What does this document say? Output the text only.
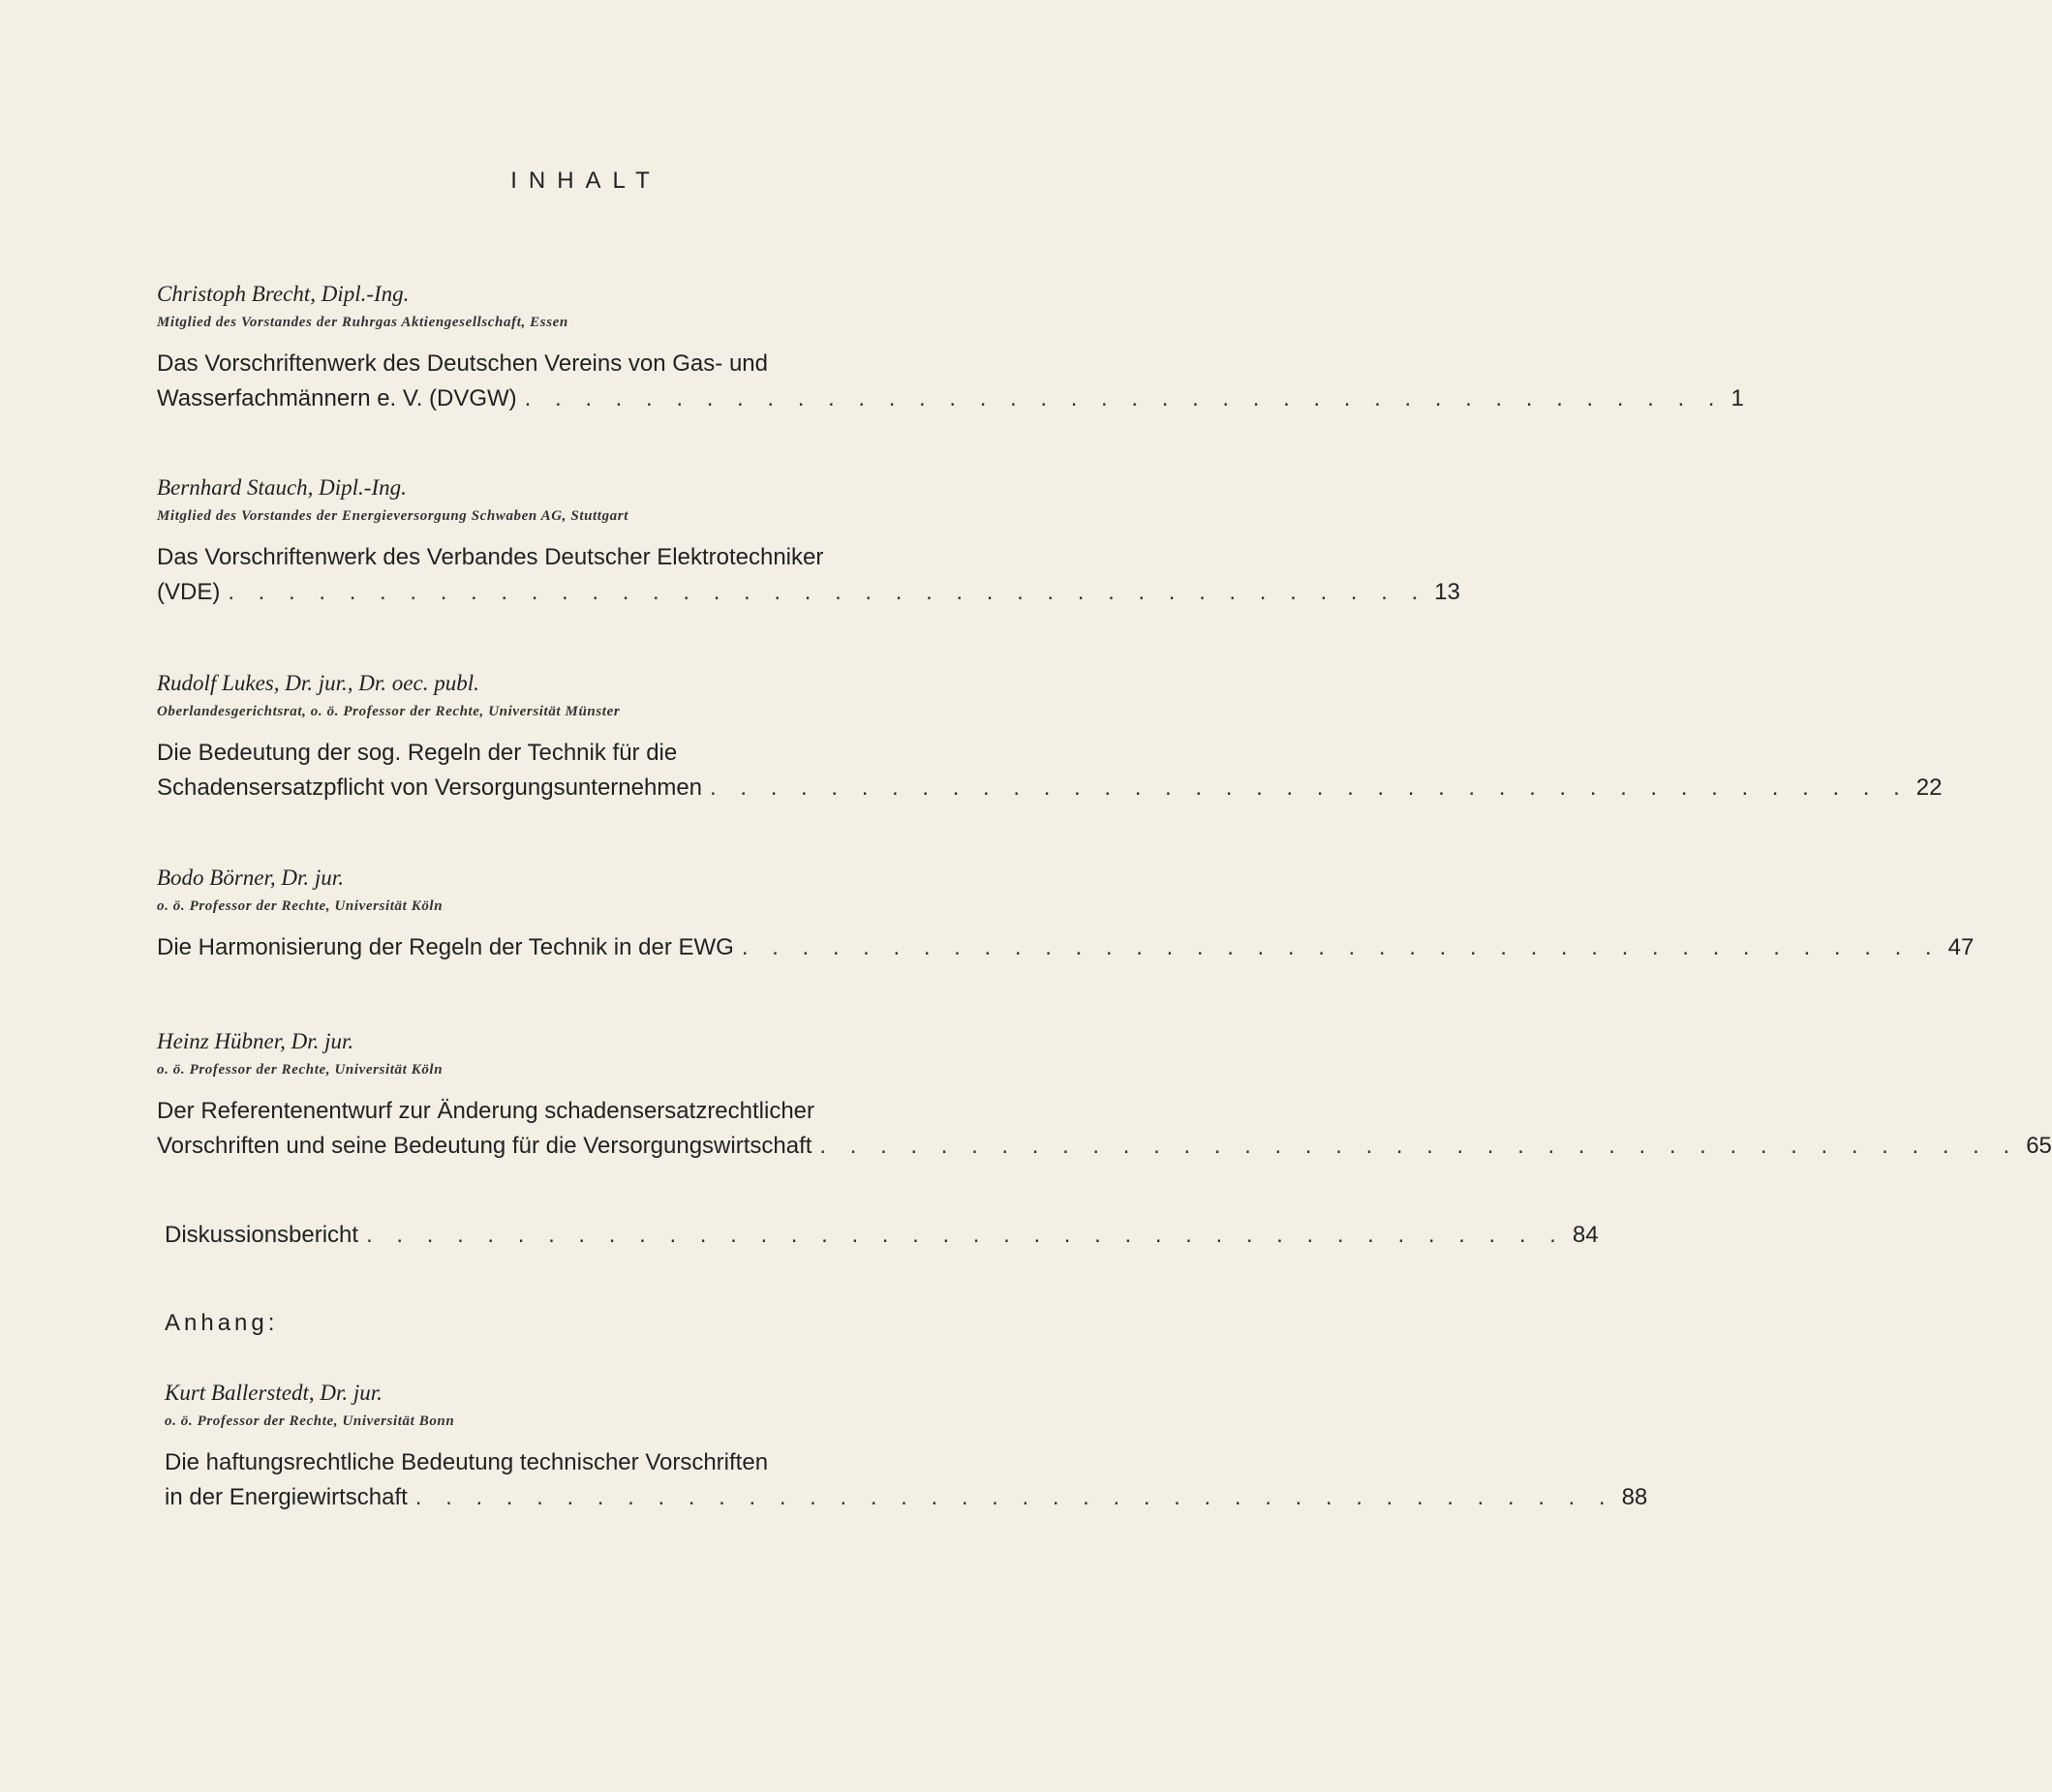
INHALT
Christoph Brecht, Dipl.-Ing.
Mitglied des Vorstandes der Ruhrgas Aktiengesellschaft, Essen
Das Vorschriftenwerk des Deutschen Vereins von Gas- und
Wasserfachmännern e. V. (DVGW) . . . . . . . . . . . . . . . . . . . . . . . . . . . . . . . . . . . . . . . . 1
Bernhard Stauch, Dipl.-Ing.
Mitglied des Vorstandes der Energieversorgung Schwaben AG, Stuttgart
Das Vorschriftenwerk des Verbandes Deutscher Elektrotechniker
(VDE) . . . . . . . . . . . . . . . . . . . . . . . . . . . . . . . . . . . . . . . . 13
Rudolf Lukes, Dr. jur., Dr. oec. publ.
Oberlandesgerichtsrat, o. ö. Professor der Rechte, Universität Münster
Die Bedeutung der sog. Regeln der Technik für die
Schadensersatzpflicht von Versorgungsunternehmen . . . . . . . . . . . . . . . . . . . . . . . . . . . . . . . . . . . . . . . . 22
Bodo Börner, Dr. jur.
o. ö. Professor der Rechte, Universität Köln
Die Harmonisierung der Regeln der Technik in der EWG . . . . . . . . . . . . . . . . . . . . . . . . . . . . . . . . . . . . . . . . 47
Heinz Hübner, Dr. jur.
o. ö. Professor der Rechte, Universität Köln
Der Referentenentwurf zur Änderung schadensersatzrechtlicher
Vorschriften und seine Bedeutung für die Versorgungswirtschaft . . . . . . . . . . . . . . . . . . . . . . . . . . . . . . . . . . . . . . . . 65
Diskussionsbericht . . . . . . . . . . . . . . . . . . . . . . . . . . . . . . . . . . . . . . . . 84
Anhang:
Kurt Ballerstedt, Dr. jur.
o. ö. Professor der Rechte, Universität Bonn
Die haftungsrechtliche Bedeutung technischer Vorschriften
in der Energiewirtschaft . . . . . . . . . . . . . . . . . . . . . . . . . . . . . . . . . . . . . . . . 88
